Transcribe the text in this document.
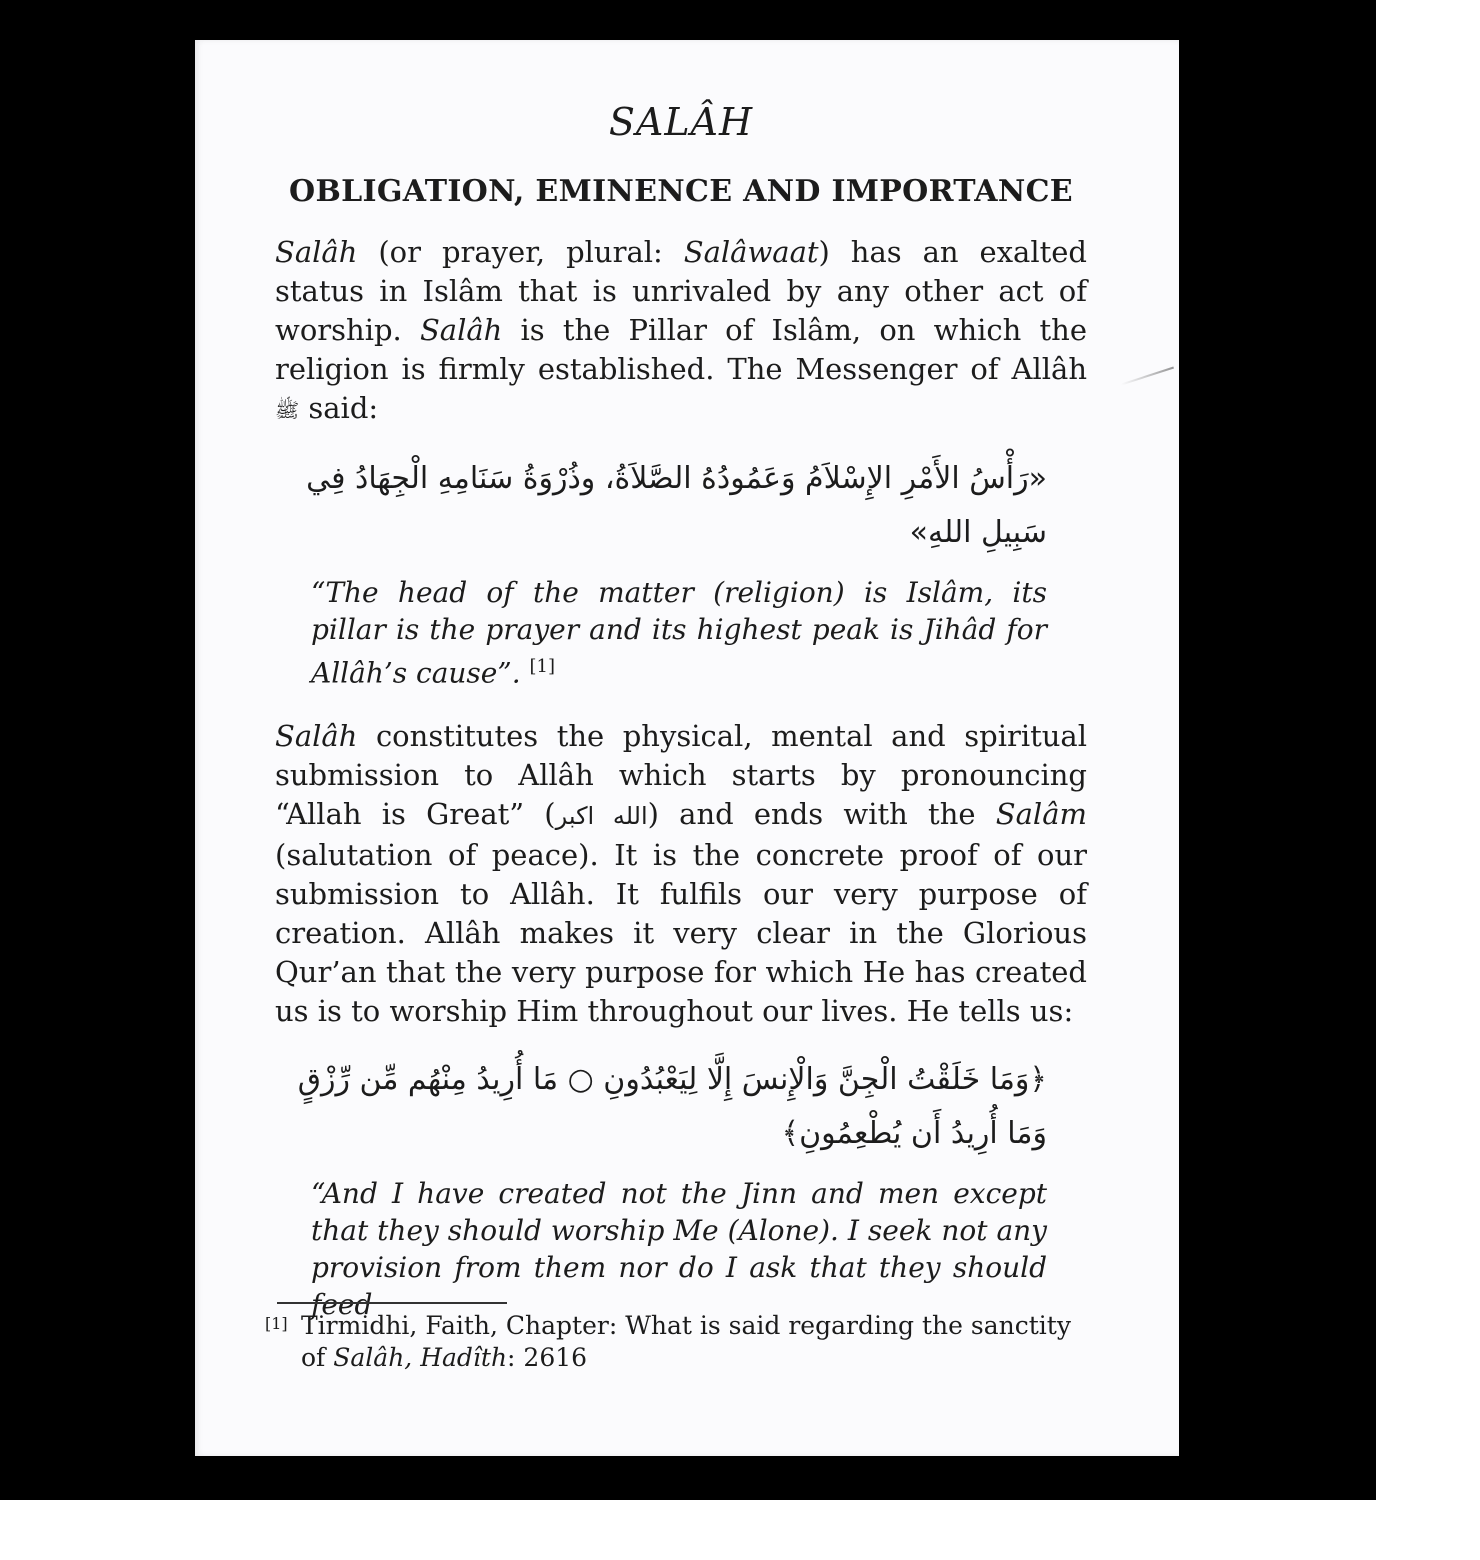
SALÂH
OBLIGATION, EMINENCE AND IMPORTANCE

Salâh (or prayer, plural: Salâwaat) has an exalted status in Islâm that is unrivaled by any other act of worship. Salâh is the Pillar of Islâm, on which the religion is firmly established. The Messenger of Allâh ﷺ said:

«رَأْسُ الأَمْرِ الإِسْلاَمُ وَعَمُودُهُ الصَّلاَةُ، وذُرْوَةُ سَنَامِهِ الْجِهَادُ فِي سَبِيلِ اللهِ»

“The head of the matter (religion) is Islâm, its pillar is the prayer and its highest peak is Jihâd for Allâh’s cause”. [1]

Salâh constitutes the physical, mental and spiritual submission to Allâh which starts by pronouncing “Allah is Great” (الله اكبر) and ends with the Salâm (salutation of peace). It is the concrete proof of our submission to Allâh. It fulfils our very purpose of creation. Allâh makes it very clear in the Glorious Qur’an that the very purpose for which He has created us is to worship Him throughout our lives. He tells us:

﴿وَمَا خَلَقْتُ الْجِنَّ وَالْإِنسَ إِلَّا لِيَعْبُدُونِ ○ مَا أُرِيدُ مِنْهُم مِّن رِّزْقٍ وَمَا أُرِيدُ أَن يُطْعِمُونِ﴾

“And I have created not the Jinn and men except that they should worship Me (Alone). I seek not any provision from them nor do I ask that they should feed

[1] Tirmidhi, Faith, Chapter: What is said regarding the sanctity of Salâh, Hadîth: 2616
